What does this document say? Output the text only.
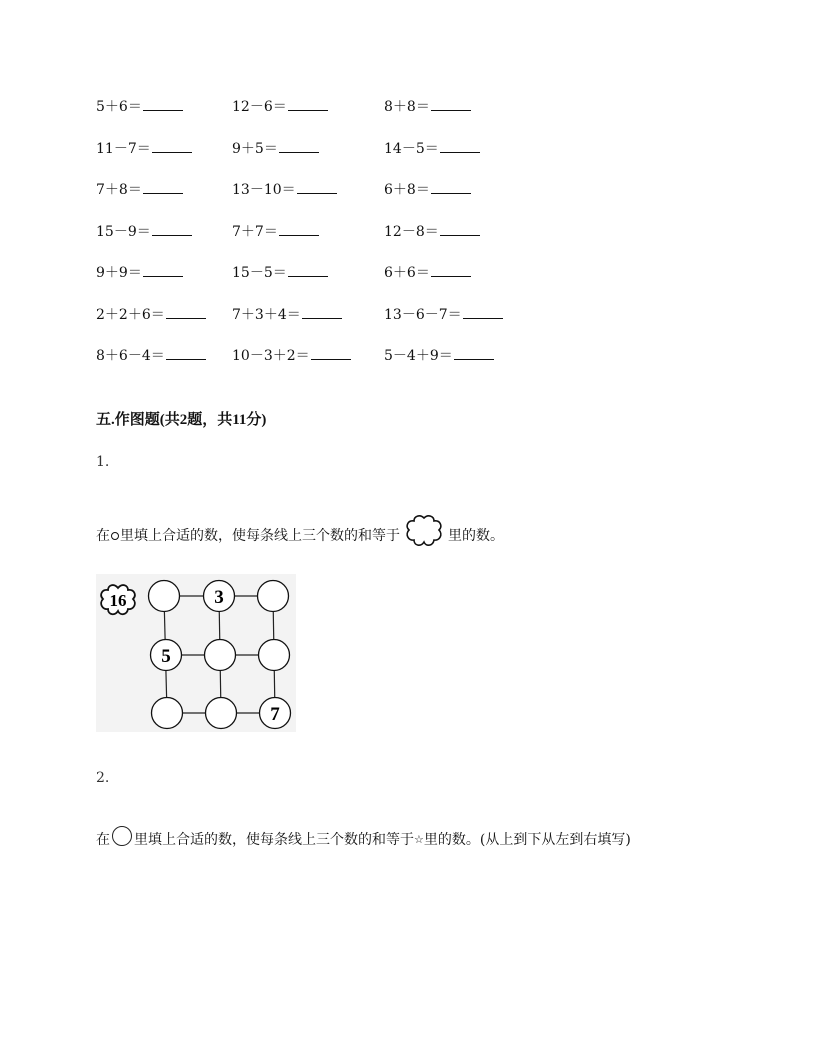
5＋6＝	12－6＝	8＋8＝
11－7＝	9＋5＝	14－5＝
7＋8＝	13－10＝	6＋8＝
15－9＝	7＋7＝	12－8＝
9＋9＝	15－5＝	6＋6＝
2＋2＋6＝	7＋3＋4＝	13－6－7＝
8＋6－4＝	10－3＋2＝	5－4＋9＝
五.作图题(共2题，共11分)
1.
在 里填上合适的数，使每条线上三个数的和等于	里的数。
16	3
5
7
2.
在 里填上合适的数，使每条线上三个数的和等于☆里的数。(从上到下从左到右填写)
